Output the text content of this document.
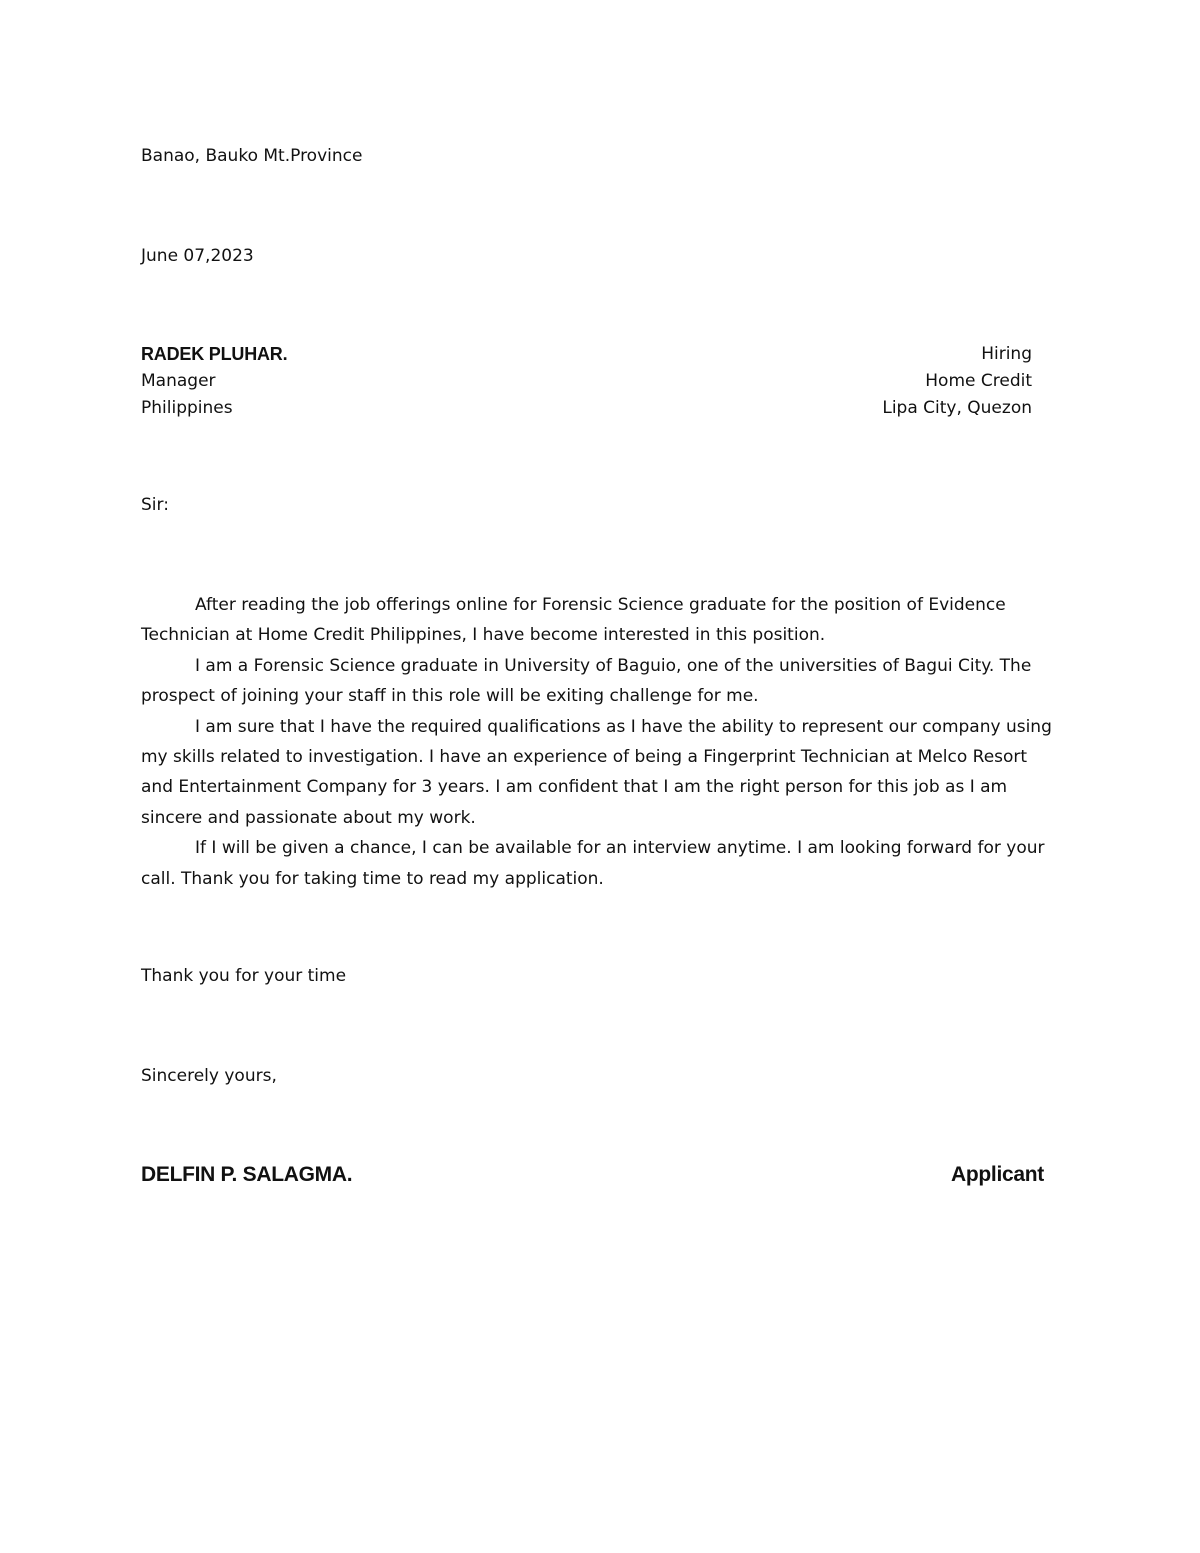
Banao, Bauko Mt.Province
June 07,2023
RADEK PLUHAR.
Manager
Philippines
Hiring
Home Credit
Lipa City, Quezon
Sir:

After reading the job offerings online for Forensic Science graduate for the position of Evidence Technician at Home Credit Philippines, I have become interested in this position.

I am a Forensic Science graduate in University of Baguio, one of the universities of Bagui City. The prospect of joining your staff in this role will be exiting challenge for me.

I am sure that I have the required qualifications as I have the ability to represent our company using my skills related to investigation. I have an experience of being a Fingerprint Technician at Melco Resort and Entertainment Company for 3 years. I am confident that I am the right person for this job as I am sincere and passionate about my work.

If I will be given a chance, I can be available for an interview anytime. I am looking forward for your call. Thank you for taking time to read my application.

Thank you for your time
Sincerely yours,
DELFIN P. SALAGMA.	Applicant
